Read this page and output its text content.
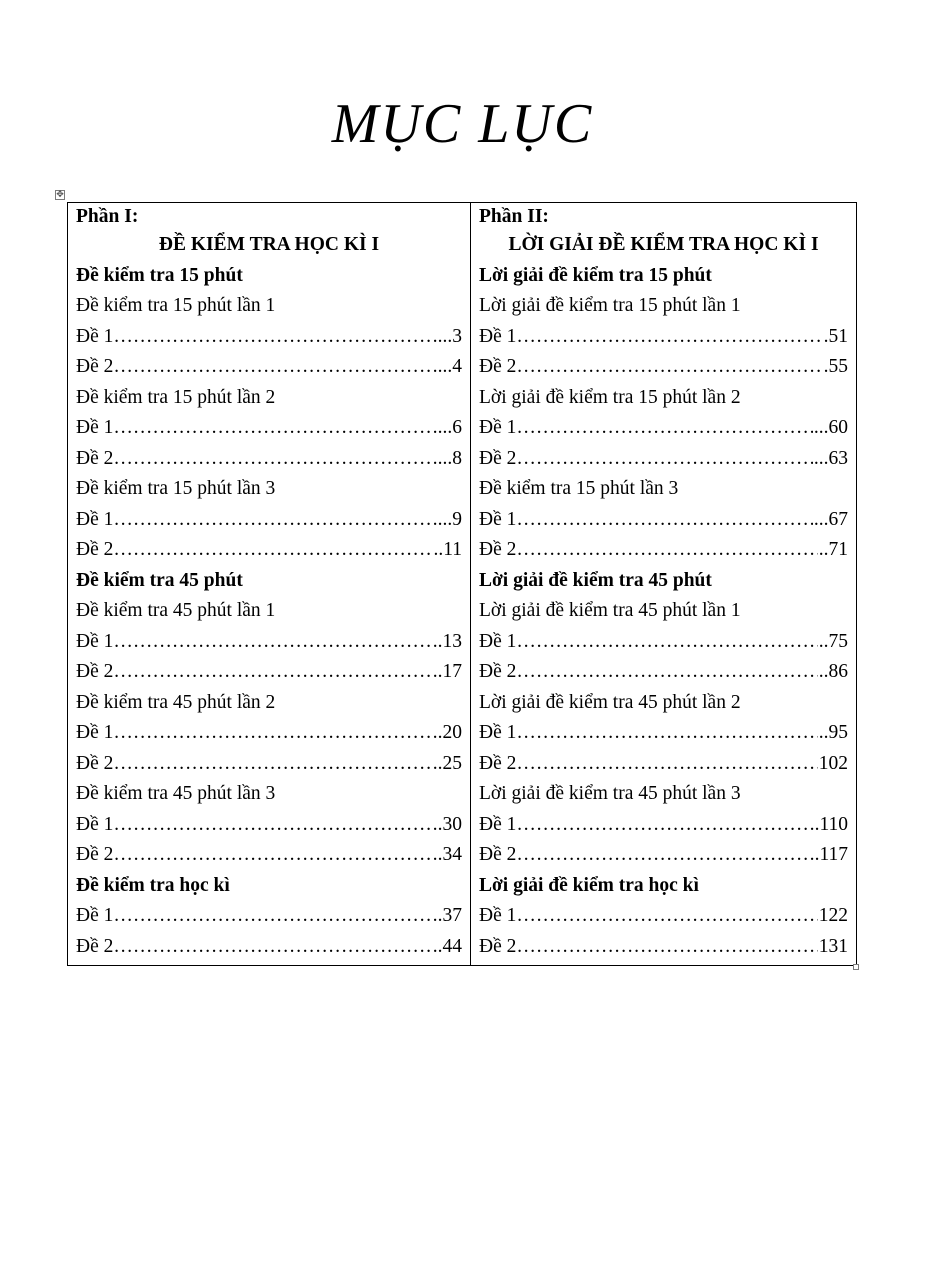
MỤC LỤC
✥
Phần I:
ĐỀ KIỂM TRA HỌC KÌ I
Đề kiểm tra 15 phút
Đề kiểm tra 15 phút lần 1
Đề 1 ………………………………………………………………………………………………	...3
Đề 2 ………………………………………………………………………………………………	...4
Đề kiểm tra 15 phút lần 2
Đề 1 ………………………………………………………………………………………………	...6
Đề 2 ………………………………………………………………………………………………	...8
Đề kiểm tra 15 phút lần 3
Đề 1 ………………………………………………………………………………………………	...9
Đề 2 ………………………………………………………………………………………………	..11
Đề kiểm tra 45 phút
Đề kiểm tra 45 phút lần 1
Đề 1 ………………………………………………………………………………………………	..13
Đề 2 ………………………………………………………………………………………………	..17
Đề kiểm tra 45 phút lần 2
Đề 1 ………………………………………………………………………………………………	.20
Đề 2 ………………………………………………………………………………………………	..25
Đề kiểm tra 45 phút lần 3
Đề 1 ………………………………………………………………………………………………	.30
Đề 2 ………………………………………………………………………………………………	.34
Đề kiểm tra học kì
Đề 1 ………………………………………………………………………………………………	.37
Đề 2 ………………………………………………………………………………………………	..44
Phần II:
LỜI GIẢI ĐỀ KIỂM TRA HỌC KÌ I
Lời giải đề kiểm tra 15 phút
Lời giải đề kiểm tra 15 phút lần 1
Đề 1 ………………………………………………………………………………………………	.51
Đề 2 ………………………………………………………………………………………………	.55
Lời giải đề kiểm tra 15 phút lần 2
Đề 1 ………………………………………………………………………………………………	...60
Đề 2 ………………………………………………………………………………………………	...63
Đề kiểm tra 15 phút lần 3
Đề 1 ………………………………………………………………………………………………	...67
Đề 2 ………………………………………………………………………………………………	..71
Lời giải đề kiểm tra 45 phút
Lời giải đề kiểm tra 45 phút lần 1
Đề 1 ………………………………………………………………………………………………	..75
Đề 2 ………………………………………………………………………………………………	..86
Lời giải đề kiểm tra 45 phút lần 2
Đề 1 ………………………………………………………………………………………………	..95
Đề 2 ………………………………………………………………………………………………	102
Lời giải đề kiểm tra 45 phút lần 3
Đề 1 ………………………………………………………………………………………………	.110
Đề 2 ………………………………………………………………………………………………	.117
Lời giải đề kiểm tra học kì
Đề 1 ………………………………………………………………………………………………	122
Đề 2 ………………………………………………………………………………………………	131
